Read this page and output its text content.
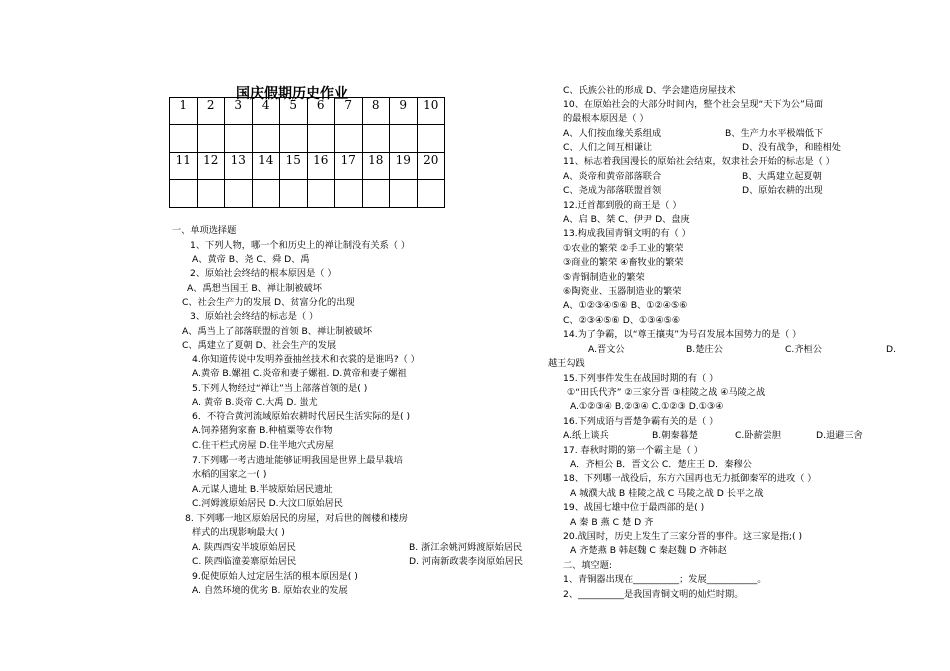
国庆假期历史作业
1	2	3	4	5	6	7	8	9	10

11	12	13	14	15	16	17	18	19	20

一、单项选择题
1、下列人物，哪一个和历史上的禅让制没有关系（ ）
A、黄帝 B、尧 C、舜 D、禹
2、原始社会终结的根本原因是（ ）
A、禹想当国王 B、禅让制被破坏
C、社会生产力的发展 D、贫富分化的出现
3、原始社会终结的标志是（ ）
A、禹当上了部落联盟的首领 B、禅让制被破坏
C、禹建立了夏朝 D、社会生产的发展
4.你知道传说中发明养蚕抽丝技术和衣裳的是谁吗?（ ）
A.黄帝 B.嫘祖 C.炎帝和妻子嫘祖. D.黄帝和妻子嫘祖
5.下列人物经过“禅让”当上部落首领的是( )
A. 黄帝 B.炎帝 C.大禹 D. 蚩尤
6．不符合黄河流域原始农耕时代居民生活实际的是( )
A.饲养猪狗家畜 B.种植粟等农作物
C.住干栏式房屋 D.住半地穴式房屋
7.下列哪一考古遗址能够证明我国是世界上最早栽培
水稻的国家之一( )
A.元谋人遗址 B.半坡原始居民遗址
C.河姆渡原始居民 D.大汶口原始居民
8. 下列哪一地区原始居民的房屋，对后世的阁楼和楼房
样式的出现影响最大( )
A. 陕西西安半坡原始居民	B. 浙江余姚河姆渡原始居民
C. 陕西临潼姜寨原始居民	D. 河南新政裴李岗原始居民
9.促使原始人过定居生活的根本原因是( )
A. 自然环境的优劣 B. 原始农业的发展
C、氏族公社的形成 D、学会建造房屋技术
10、在原始社会的大部分时间内，整个社会呈现“天下为公”局面
的最根本原因是（ ）
A、人们按血缘关系组成	B、生产力水平极端低下
C、人们之间互相谦让	D、没有战争，和睦相处
11、标志着我国漫长的原始社会结束，奴隶社会开始的标志是（ ）
A、炎帝和黄帝部落联合	B、大禹建立起夏朝
C、尧成为部落联盟首领	D、原始农耕的出现
12.迁首都到殷的商王是（ ）
A、启 B、桀 C、伊尹 D、盘庚
13.构成我国青铜文明的有（ ）
①农业的繁荣 ②手工业的繁荣
③商业的繁荣 ④畜牧业的繁荣
⑤青铜制造业的繁荣
⑥陶瓷业、玉器制造业的繁荣
A、①②③④⑤⑥ B、①②④⑤⑥
C、②③④⑤⑥ D、①③④⑤⑥
14.为了争霸，以“尊王攘夷”为号召发展本国势力的是（ ）
A.晋文公	B.楚庄公	C.齐桓公	D.
越王勾践
15.下列事件发生在战国时期的有（ ）
①“田氏代齐” ②三家分晋 ③桂陵之战 ④马陵之战
A.①②③④ B.②③④ C.①②③ D.①③④
16.下列成语与晋楚争霸有关的是（ ）
A.纸上谈兵	B.朝秦暮楚	C.卧薪尝胆	D.退避三舍
17. 春秋时期的第一个霸主是（ ）
A．齐桓公 B．晋文公 C．楚庄王 D．秦穆公
18、下列哪一战役后，东方六国再也无力抵御秦军的进攻（ ）
A 城濮大战 B 桂陵之战 C 马陵之战 D 长平之战
19、战国七雄中位于最西部的是( )
A 秦 B 燕 C 楚 D 齐
20.战国时，历史上发生了三家分晋的事件。这三家是指;( )
A 齐楚燕 B 韩赵魏 C 秦赵魏 D 齐韩赵
二、填空题:
1、青铜器出现在__________；发展___________。
2、__________是我国青铜文明的灿烂时期。
